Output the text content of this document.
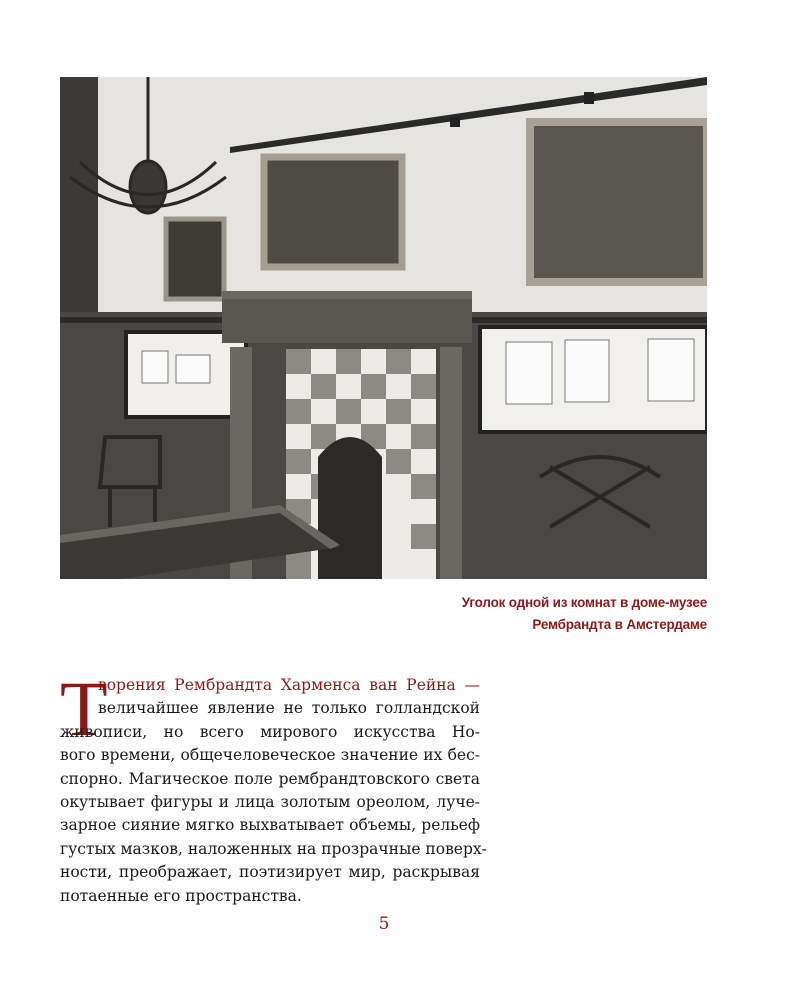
Уголок одной из комнат в доме-музее
Рембрандта в Амстердаме
Т
ворения Рембрандта Харменса ван Рейна —
величайшее явление не только голландской
живописи, но всего мирового искусства Но-
вого времени, общечеловеческое значение их бес-
спорно. Магическое поле рембрандтовского света
окутывает фигуры и лица золотым ореолом, луче-
зарное сияние мягко выхватывает объемы, рельеф
густых мазков, наложенных на прозрачные поверх-
ности, преображает, поэтизирует мир, раскрывая
потаенные его пространства.
5
